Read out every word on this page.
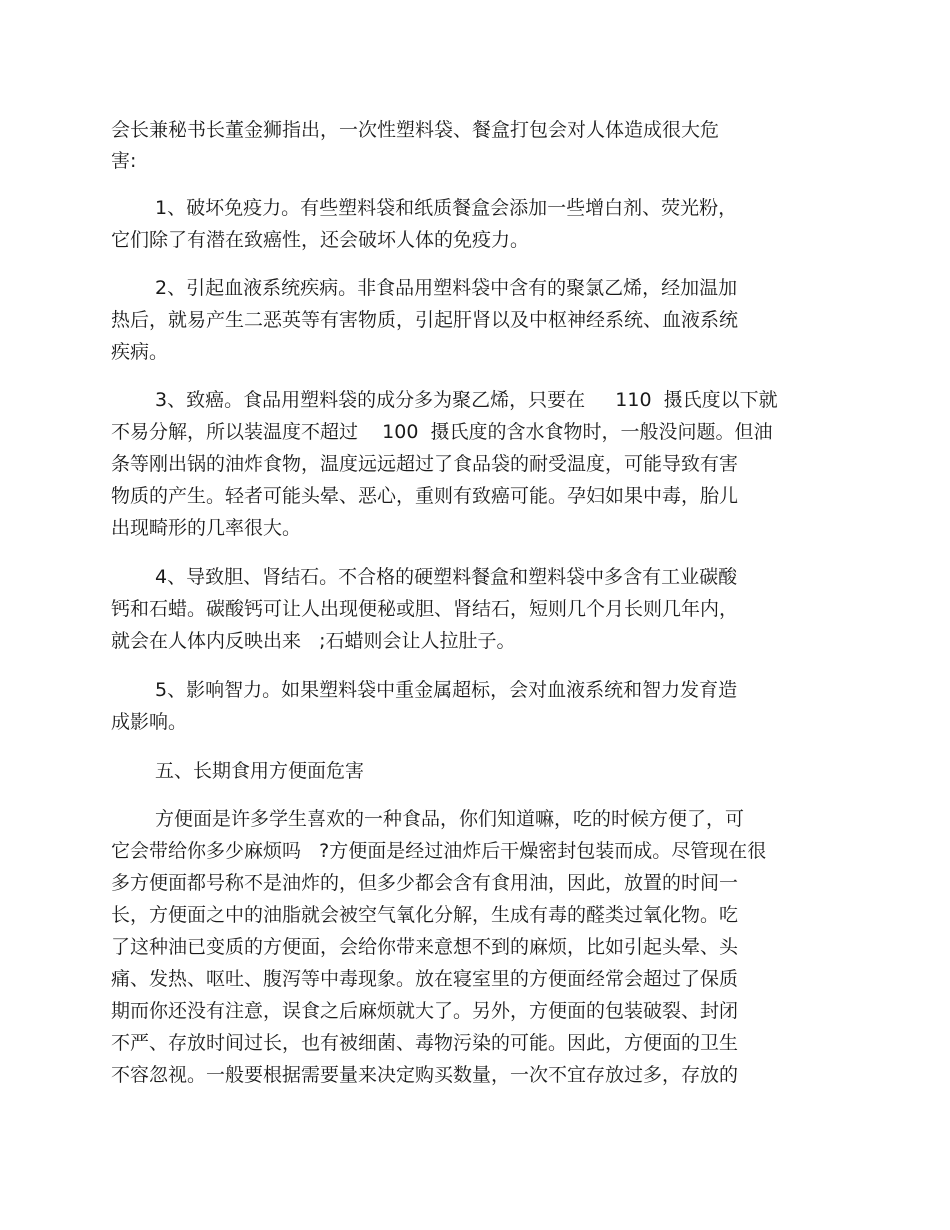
会长兼秘书长董金狮指出，一次性塑料袋、餐盒打包会对人体造成很大危
害:
1、破坏免疫力。有些塑料袋和纸质餐盒会添加一些增白剂、荧光粉，
它们除了有潜在致癌性，还会破坏人体的免疫力。
2、引起血液系统疾病。非食品用塑料袋中含有的聚氯乙烯，经加温加
热后，就易产生二恶英等有害物质，引起肝肾以及中枢神经系统、血液系统
疾病。
3、致癌。食品用塑料袋的成分多为聚乙烯，只要在     110  摄氏度以下就
不易分解，所以装温度不超过    100  摄氏度的含水食物时，一般没问题。但油
条等刚出锅的油炸食物，温度远远超过了食品袋的耐受温度，可能导致有害
物质的产生。轻者可能头晕、恶心，重则有致癌可能。孕妇如果中毒，胎儿
出现畸形的几率很大。
4、导致胆、肾结石。不合格的硬塑料餐盒和塑料袋中多含有工业碳酸
钙和石蜡。碳酸钙可让人出现便秘或胆、肾结石，短则几个月长则几年内，
就会在人体内反映出来   ;石蜡则会让人拉肚子。
5、影响智力。如果塑料袋中重金属超标，会对血液系统和智力发育造
成影响。
五、长期食用方便面危害
方便面是许多学生喜欢的一种食品，你们知道嘛，吃的时候方便了，可
它会带给你多少麻烦吗   ?方便面是经过油炸后干燥密封包装而成。尽管现在很
多方便面都号称不是油炸的，但多少都会含有食用油，因此，放置的时间一
长，方便面之中的油脂就会被空气氧化分解，生成有毒的醛类过氧化物。吃
了这种油已变质的方便面，会给你带来意想不到的麻烦，比如引起头晕、头
痛、发热、呕吐、腹泻等中毒现象。放在寝室里的方便面经常会超过了保质
期而你还没有注意，误食之后麻烦就大了。另外，方便面的包装破裂、封闭
不严、存放时间过长，也有被细菌、毒物污染的可能。因此，方便面的卫生
不容忽视。一般要根据需要量来决定购买数量，一次不宜存放过多，存放的
